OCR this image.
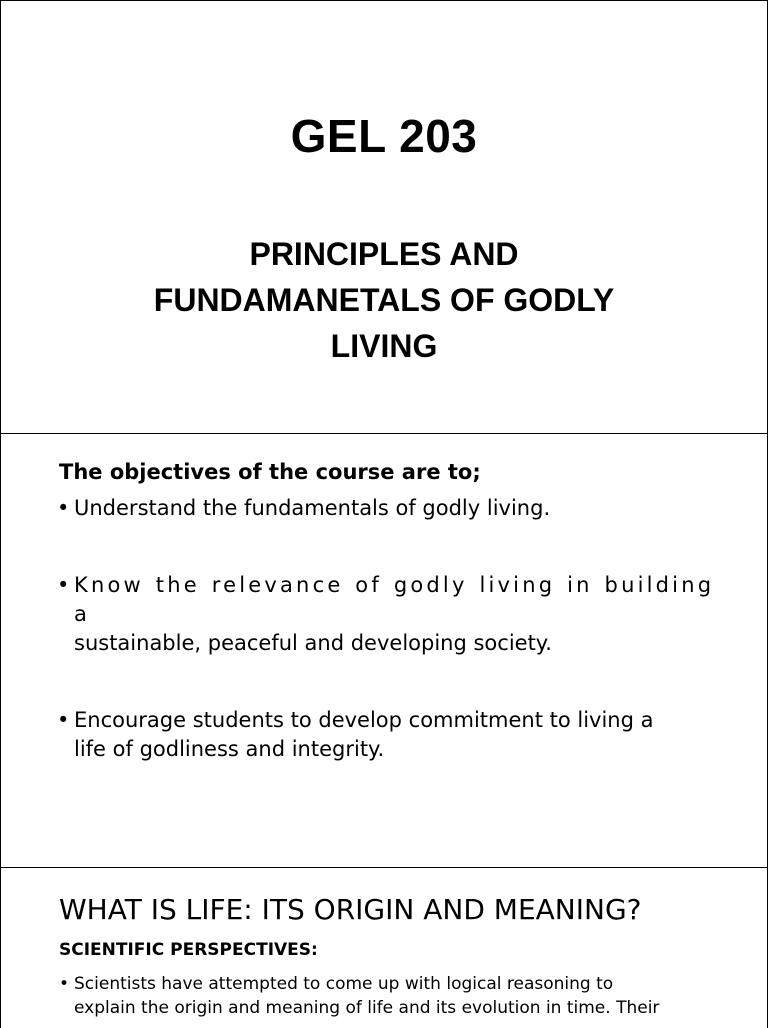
GEL 203
PRINCIPLES AND
FUNDAMANETALS OF GODLY
LIVING
The objectives of the course are to;
• Understand the fundamentals of godly living.
• Know the relevance of godly living in building a
sustainable, peaceful and developing society.
• Encourage students to develop commitment to living a
life of godliness and integrity.
WHAT IS LIFE: ITS ORIGIN AND MEANING?
SCIENTIFIC PERSPECTIVES:
• Scientists have attempted to come up with logical reasoning to
explain the origin and meaning of life and its evolution in time. Their
